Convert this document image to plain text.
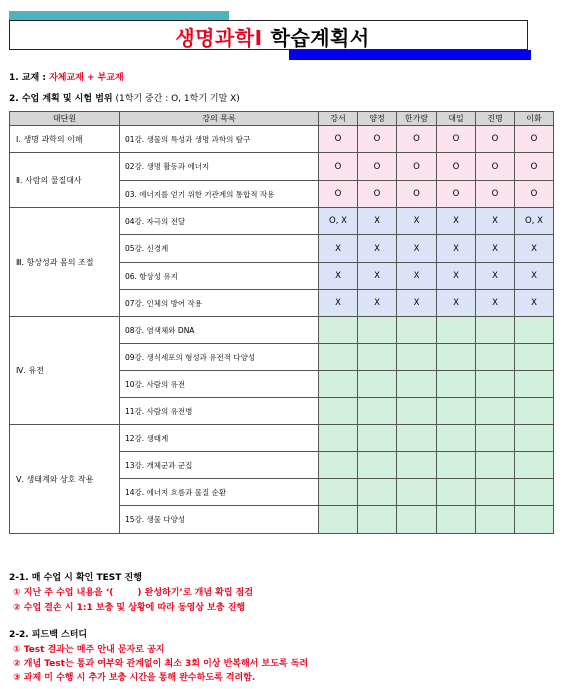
생명과학Ⅰ 학습계획서
1. 교재 : 자체교재 + 부교재
2. 수업 계획 및 시험 범위 (1학기 중간 : O, 1학기 기말 X)
대단원	강의 목록	강서	양정	한가람	대일	진명	이화
Ⅰ. 생명 과학의 이해	01강. 생물의 특성과 생명 과학의 탐구	O	O	O	O	O	O
Ⅱ. 사람의 물질대사	02강. 생명 활동과 에너지	O	O	O	O	O	O
	03. 에너지를 얻기 위한 기관계의 통합적 작용	O	O	O	O	O	O
Ⅲ. 항상성과 몸의 조절	04강. 자극의 전달	O, X	X	X	X	X	O, X
	05강. 신경계	X	X	X	X	X	X
	06. 항상성 유지	X	X	X	X	X	X
	07강. 인체의 방어 작용	X	X	X	X	X	X
Ⅳ. 유전	08강. 염색체와 DNA						
	09강. 생식세포의 형성과 유전적 다양성						
	10강. 사람의 유전						
	11강. 사람의 유전병						
Ⅴ. 생태계와 상호 작용	12강. 생태계						
	13강. 개체군과 군집						
	14강. 에너지 흐름과 물질 순환						
	15강. 생물 다양성						
2-1. 매 수업 시 확인 TEST 진행
① 지난 주 수업 내용을 ‘(	) 완성하기’로 개념 확립 점검
② 수업 결손 시 1:1 보충 및 상황에 따라 동영상 보충 진행
2-2. 피드백 스터디
① Test 결과는 매주 안내 문자로 공지
② 개념 Test는 통과 여부와 관계없이 최소 3회 이상 반복해서 보도록 독려
③ 과제 미 수행 시 추가 보충 시간을 통해 완수하도록 격려함.
